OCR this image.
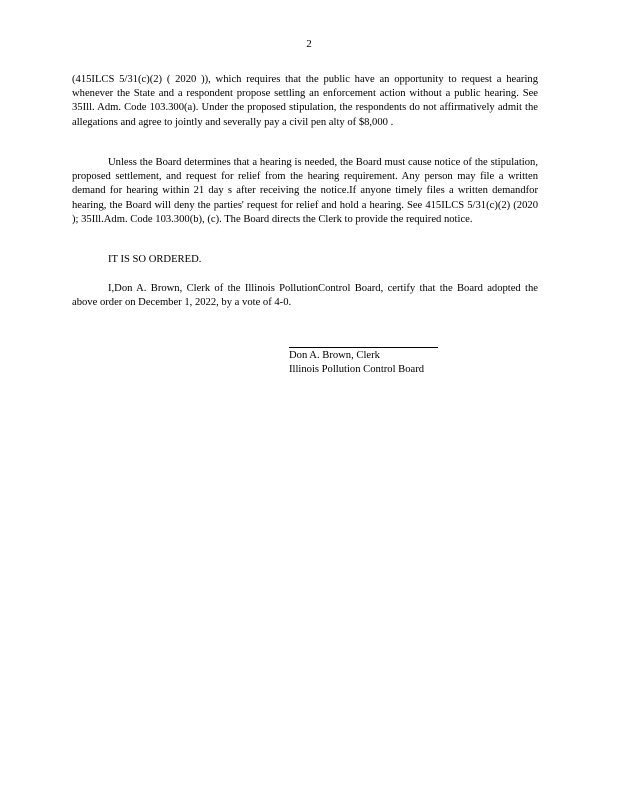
2
(415ILCS 5/31(c)(2) ( 2020 )), which requires that the public have an opportunity to request a hearing whenever the State and a respondent propose settling an enforcement action without a public hearing. See 35Ill. Adm. Code 103.300(a). Under the proposed stipulation, the respondents do not affirmatively admit the allegations and agree to jointly and severally pay a civil pen alty of $8,000 .
Unless the Board determines that a hearing is needed, the Board must cause notice of the stipulation, proposed settlement, and request for relief from the hearing requirement. Any person may file a written demand for hearing within 21 day s after receiving the notice.If anyone timely files a written demandfor hearing, the Board will deny the parties' request for relief and hold a hearing. See 415ILCS 5/31(c)(2) (2020 ); 35Ill.Adm. Code 103.300(b), (c). The Board directs the Clerk to provide the required notice.
IT IS SO ORDERED.
I,Don A. Brown, Clerk of the Illinois PollutionControl Board, certify that the Board adopted the above order on December 1, 2022, by a vote of 4-0.
Don A. Brown, Clerk
Illinois Pollution Control Board
